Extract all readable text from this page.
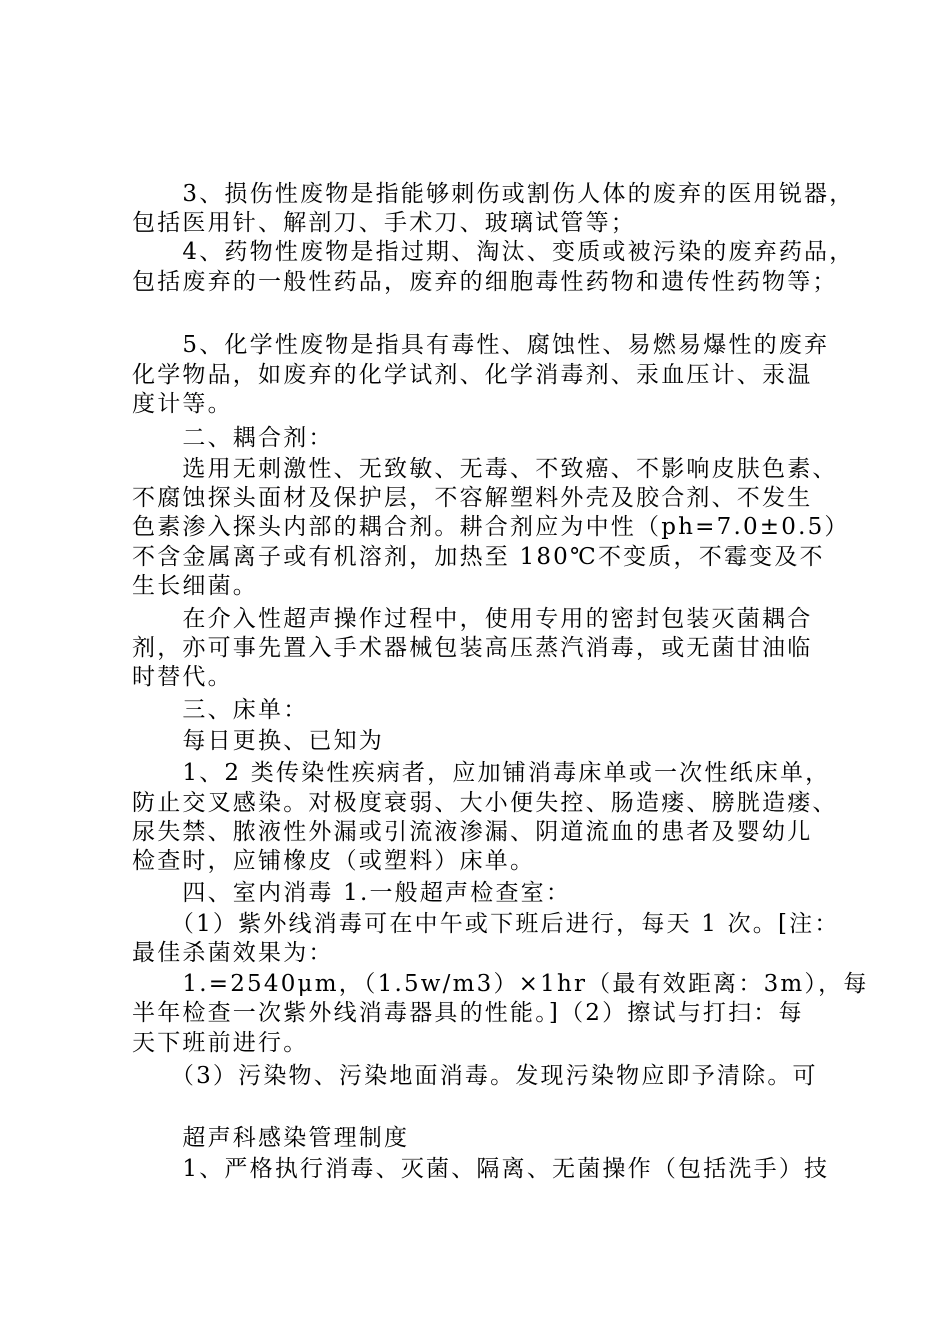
　　3、损伤性废物是指能够刺伤或割伤人体的废弃的医用锐器，
包括医用针、解剖刀、手术刀、玻璃试管等；
　　4、药物性废物是指过期、淘汰、变质或被污染的废弃药品，
包括废弃的一般性药品，废弃的细胞毒性药物和遗传性药物等；
　　5、化学性废物是指具有毒性、腐蚀性、易燃易爆性的废弃
化学物品，如废弃的化学试剂、化学消毒剂、汞血压计、汞温
度计等。
　　二、耦合剂：
　　选用无刺激性、无致敏、无毒、不致癌、不影响皮肤色素、
不腐蚀探头面材及保护层，不容解塑料外壳及胶合剂、不发生
色素渗入探头内部的耦合剂。耕合剂应为中性（ph=7.0±0.5）
不含金属离子或有机溶剂，加热至 180℃不变质，不霉变及不
生长细菌。
　　在介入性超声操作过程中，使用专用的密封包装灭菌耦合
剂，亦可事先置入手术器械包装高压蒸汽消毒，或无菌甘油临
时替代。
　　三、床单：
　　每日更换、已知为
　　1、2 类传染性疾病者，应加铺消毒床单或一次性纸床单，
防止交叉感染。对极度衰弱、大小便失控、肠造瘘、膀胱造瘘、
尿失禁、脓液性外漏或引流液渗漏、阴道流血的患者及婴幼儿
检查时，应铺橡皮（或塑料）床单。
　　四、室内消毒 1.一般超声检查室：
　　（1）紫外线消毒可在中午或下班后进行，每天 1 次。[注：
最佳杀菌效果为：
　　1.=2540μm，（1.5w/m3）×1hr（最有效距离：3m），每
半年检查一次紫外线消毒器具的性能。]（2）擦试与打扫：每
天下班前进行。
　　（3）污染物、污染地面消毒。发现污染物应即予清除。可
　　超声科感染管理制度
　　1、严格执行消毒、灭菌、隔离、无菌操作（包括洗手）技
